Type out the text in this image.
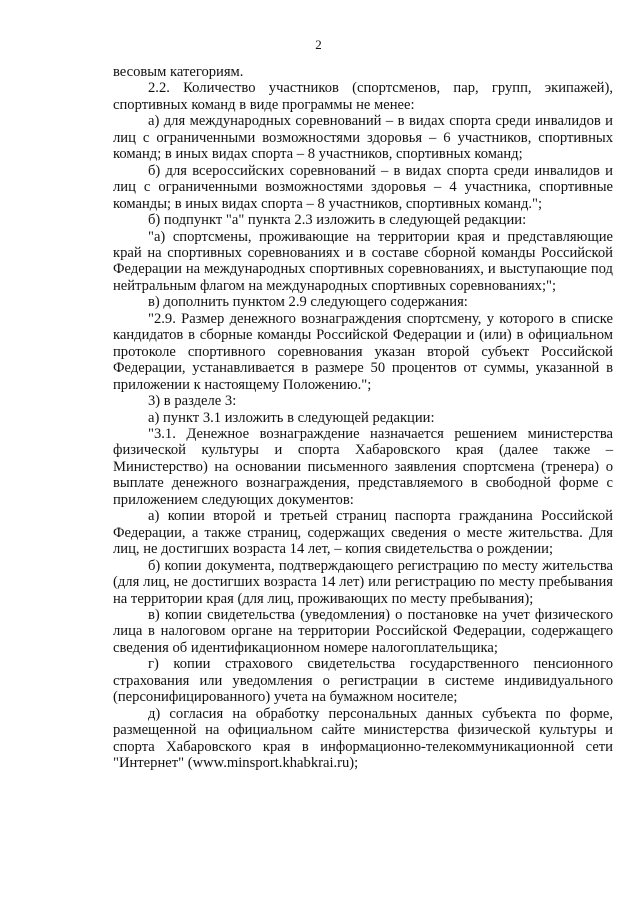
2

весовым категориям.

2.2. Количество участников (спортсменов, пар, групп, экипажей), спортивных команд в виде программы не менее:

а) для международных соревнований – в видах спорта среди инвалидов и лиц с ограниченными возможностями здоровья – 6 участников, спортивных команд; в иных видах спорта – 8 участников, спортивных команд;

б) для всероссийских соревнований – в видах спорта среди инвалидов и лиц с ограниченными возможностями здоровья – 4 участника, спортивные команды; в иных видах спорта – 8 участников, спортивных команд.";

б) подпункт "а" пункта 2.3 изложить в следующей редакции:

"а) спортсмены, проживающие на территории края и представляющие край на спортивных соревнованиях и в составе сборной команды Российской Федерации на международных спортивных соревнованиях, и выступающие под нейтральным флагом на международных спортивных соревнованиях;";

в) дополнить пунктом 2.9 следующего содержания:

"2.9. Размер денежного вознаграждения спортсмену, у которого в списке кандидатов в сборные команды Российской Федерации и (или) в официальном протоколе спортивного соревнования указан второй субъект Российской Федерации, устанавливается в размере 50 процентов от суммы, указанной в приложении к настоящему Положению.";

3) в разделе 3:

а) пункт 3.1 изложить в следующей редакции:

"3.1. Денежное вознаграждение назначается решением министерства физической культуры и спорта Хабаровского края (далее также – Министерство) на основании письменного заявления спортсмена (тренера) о выплате денежного вознаграждения, представляемого в свободной форме с приложением следующих документов:

а) копии второй и третьей страниц паспорта гражданина Российской Федерации, а также страниц, содержащих сведения о месте жительства. Для лиц, не достигших возраста 14 лет, – копия свидетельства о рождении;

б) копии документа, подтверждающего регистрацию по месту жительства (для лиц, не достигших возраста 14 лет) или регистрацию по месту пребывания на территории края (для лиц, проживающих по месту пребывания);

в) копии свидетельства (уведомления) о постановке на учет физического лица в налоговом органе на территории Российской Федерации, содержащего сведения об идентификационном номере налогоплательщика;

г) копии страхового свидетельства государственного пенсионного страхования или уведомления о регистрации в системе индивидуального (персонифицированного) учета на бумажном носителе;

д) согласия на обработку персональных данных субъекта по форме, размещенной на официальном сайте министерства физической культуры и спорта Хабаровского края в информационно-телекоммуникационной сети "Интернет" (www.minsport.khabkrai.ru);
